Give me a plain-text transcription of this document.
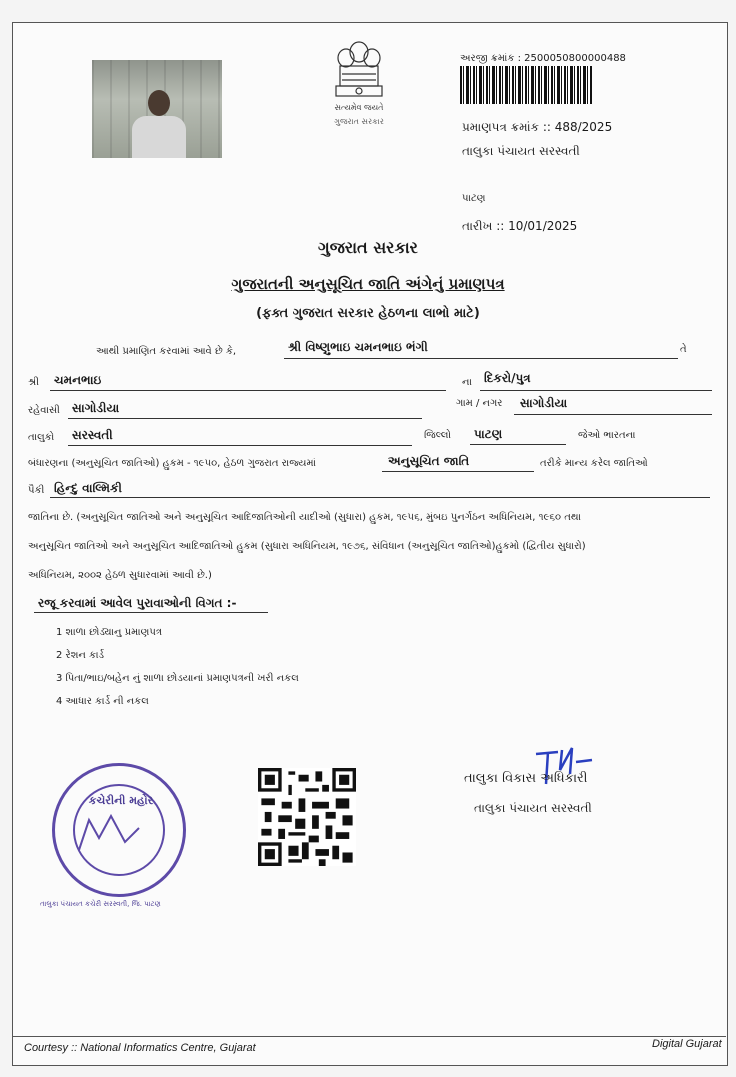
સત્યમેવ જયતે
ગુજરાત સરકાર
અરજી ક્રમાંક : 2500050800000488
પ્રમાણપત્ર ક્રમાંક :: 488/2025
તાલુકા પંચાયત સરસ્વતી
પાટણ
તારીખ :: 10/01/2025
ગુજરાત સરકાર
ગુજરાતની અનુસૂચિત જાતિ અંગેનું પ્રમાણપત્ર
(ફક્ત ગુજરાત સરકાર હેઠળના લાભો માટે)
આથી પ્રમાણિત કરવામાં આવે છે કે,	શ્રી વિષ્ણુભાઇ ચમનભાઇ ભંગી	તે
શ્રી ચમનભાઇ	ના દિકરો/પુત્ર
રહેવાસી સાગોડીયા	ગામ / નગર સાગોડીયા
તાલુકો સરસ્વતી	જિલ્લો પાટણ	જેઓ ભારતના
બંધારણના (અનુસૂચિત જાતિઓ) હુકમ - ૧૯૫૦, હેઠળ ગુજરાત રાજ્યમાં	અનુસૂચિત જાતિ	તરીકે માન્ય કરેલ જાતિઓ
પૈકી હિન્દુ વાલ્મિકી
જાતિના છે. (અનુસૂચિત જાતિઓ અને અનુસૂચિત આદિજાતિઓની યાદીઓ (સુધારા) હુકમ, ૧૯૫૬, મુંબઇ પુનર્ગઠન અધિનિયમ, ૧૯૬૦ તથા
અનુસૂચિત જાતિઓ અને અનુસૂચિત આદિજાતિઓ હુકમ (સુધારા અધિનિયમ, ૧૯૭૬, સંવિધાન (અનુસૂચિત જાતિઓ)હુકમો (દ્વિતીય સુધારો)
અધિનિયમ, ૨૦૦૨ હેઠળ સુધારવામાં આવી છે.)
રજૂ કરવામાં આવેલ પુરાવાઓની વિગત :-
1 શાળા છોડ્યાનુ પ્રમાણપત્ર
2 રેશન કાર્ડ
3 પિતા/ભાઇ/બહેન નું શાળા છોડયાનાં પ્રમાણપત્રની ખરી નકલ
4 આધાર કાર્ડ ની નકલ
કચેરીની મહોર
તાલુકા પંચાયત કચેરી સરસ્વતી, જિ. પાટણ
તાલુકા વિકાસ અધિકારી
તાલુકા પંચાયત સરસ્વતી
Courtesy :: National Informatics Centre, Gujarat	Digital Gujarat
